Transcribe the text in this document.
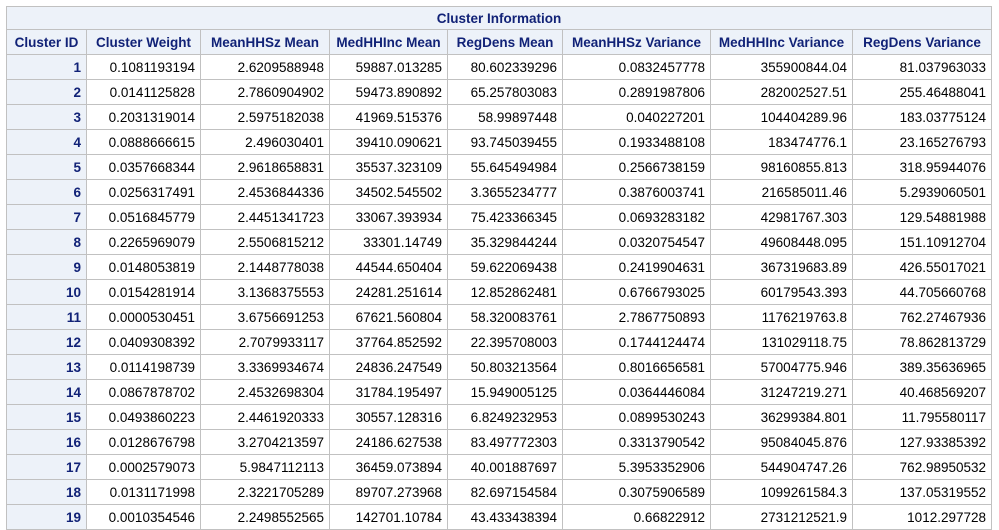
Cluster Information							
Cluster ID	Cluster Weight	MeanHHSz Mean	MedHHInc Mean	RegDens Mean	MeanHHSz Variance	MedHHInc Variance	RegDens Variance
1	0.1081193194	2.6209588948	59887.013285	80.602339296	0.0832457778	355900844.04	81.037963033
2	0.0141125828	2.7860904902	59473.890892	65.257803083	0.2891987806	282002527.51	255.46488041
3	0.2031319014	2.5975182038	41969.515376	58.99897448	0.040227201	104404289.96	183.03775124
4	0.0888666615	2.496030401	39410.090621	93.745039455	0.1933488108	183474776.1	23.165276793
5	0.0357668344	2.9618658831	35537.323109	55.645494984	0.2566738159	98160855.813	318.95944076
6	0.0256317491	2.4536844336	34502.545502	3.3655234777	0.3876003741	216585011.46	5.2939060501
7	0.0516845779	2.4451341723	33067.393934	75.423366345	0.0693283182	42981767.303	129.54881988
8	0.2265969079	2.5506815212	33301.14749	35.329844244	0.0320754547	49608448.095	151.10912704
9	0.0148053819	2.1448778038	44544.650404	59.622069438	0.2419904631	367319683.89	426.55017021
10	0.0154281914	3.1368375553	24281.251614	12.852862481	0.6766793025	60179543.393	44.705660768
11	0.0000530451	3.6756691253	67621.560804	58.320083761	2.7867750893	1176219763.8	762.27467936
12	0.0409308392	2.7079933117	37764.852592	22.395708003	0.1744124474	131029118.75	78.862813729
13	0.0114198739	3.3369934674	24836.247549	50.803213564	0.8016656581	57004775.946	389.35636965
14	0.0867878702	2.4532698304	31784.195497	15.949005125	0.0364446084	31247219.271	40.468569207
15	0.0493860223	2.4461920333	30557.128316	6.8249232953	0.0899530243	36299384.801	11.795580117
16	0.0128676798	3.2704213597	24186.627538	83.497772303	0.3313790542	95084045.876	127.93385392
17	0.0002579073	5.9847112113	36459.073894	40.001887697	5.3953352906	544904747.26	762.98950532
18	0.0131171998	2.3221705289	89707.273968	82.697154584	0.3075906589	1099261584.3	137.05319552
19	0.0010354546	2.2498552565	142701.10784	43.433438394	0.66822912	2731212521.9	1012.297728
